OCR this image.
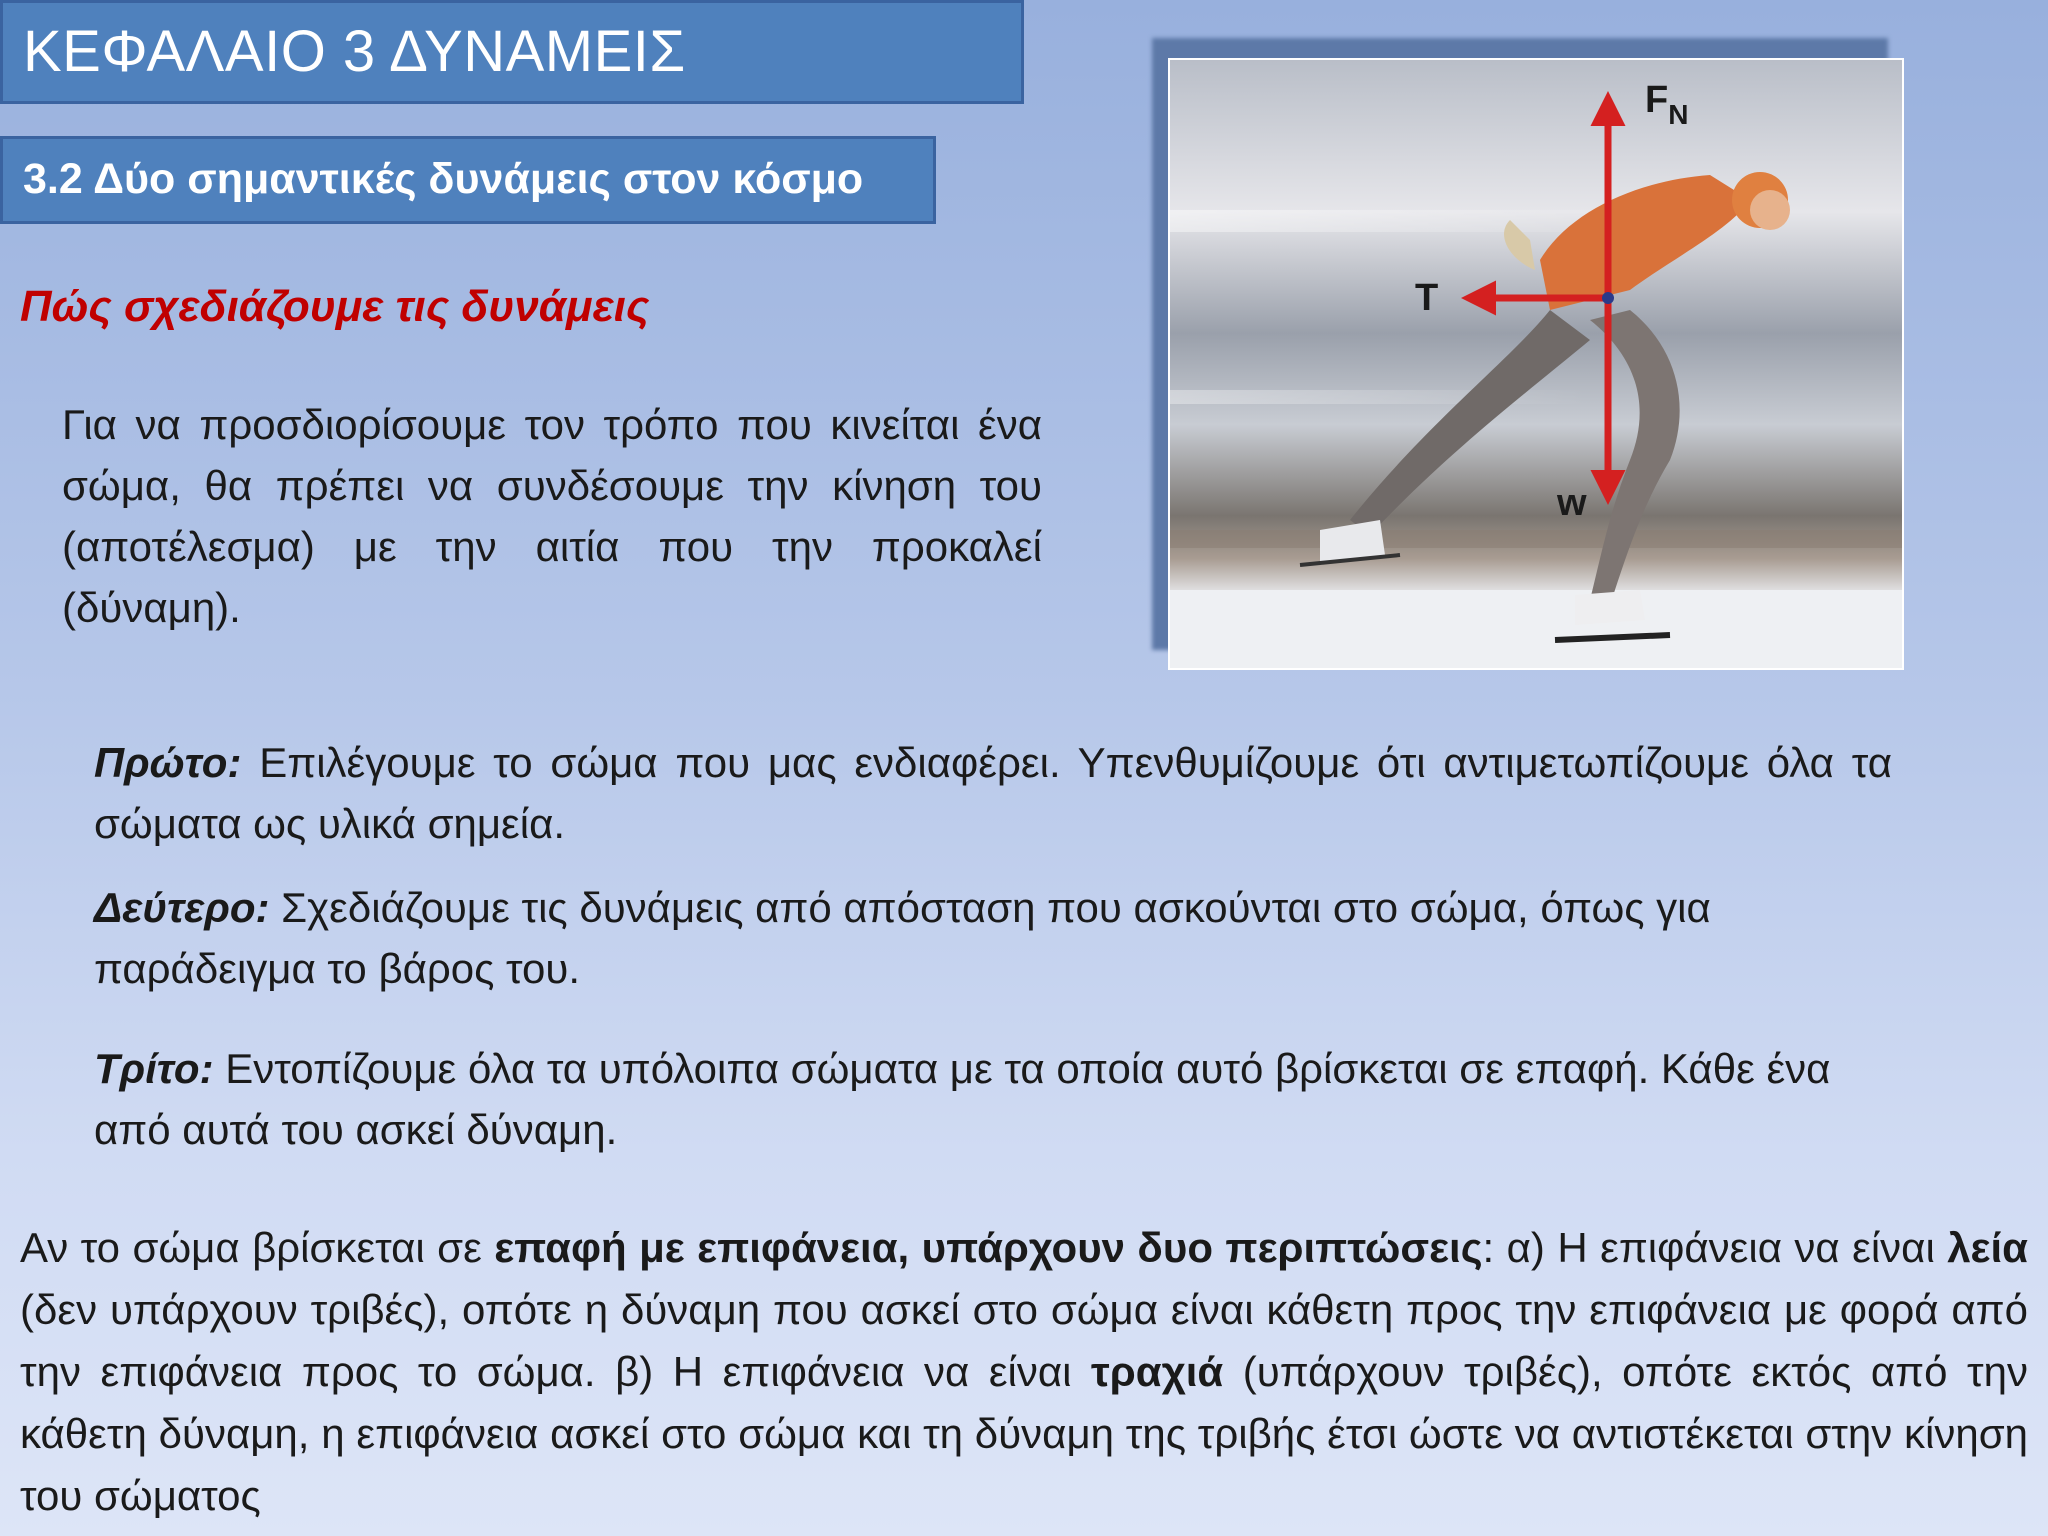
ΚΕΦΑΛΑΙΟ 3 ΔΥΝΑΜΕΙΣ
3.2 Δύο σημαντικές δυνάμεις στον κόσμο
Πώς σχεδιάζουμε τις δυνάμεις
Για να προσδιορίσουμε τον τρόπο που κινείται ένα σώμα, θα πρέπει να συνδέσουμε την κίνηση του (αποτέλεσμα) με την αιτία που την προκαλεί (δύναμη).
$F_N$
T
w
Πρώτο: Επιλέγουμε το σώμα που μας ενδιαφέρει. Υπενθυμίζουμε ότι αντιμετωπίζουμε όλα τα σώματα ως υλικά σημεία.
Δεύτερο: Σχεδιάζουμε τις δυνάμεις από απόσταση που ασκούνται στο σώμα, όπως για παράδειγμα το βάρος του.
Τρίτο: Εντοπίζουμε όλα τα υπόλοιπα σώματα με τα οποία αυτό βρίσκεται σε επαφή. Κάθε ένα από αυτά του ασκεί δύναμη.
Αν το σώμα βρίσκεται σε επαφή με επιφάνεια, υπάρχουν δυο περιπτώσεις: α) Η επιφάνεια να είναι λεία (δεν υπάρχουν τριβές), οπότε η δύναμη που ασκεί στο σώμα είναι κάθετη προς την επιφάνεια με φορά από την επιφάνεια προς το σώμα. β) Η επιφάνεια να είναι τραχιά (υπάρχουν τριβές), οπότε εκτός από την κάθετη δύναμη, η επιφάνεια ασκεί στο σώμα και τη δύναμη της τριβής έτσι ώστε να αντιστέκεται στην κίνηση του σώματος
